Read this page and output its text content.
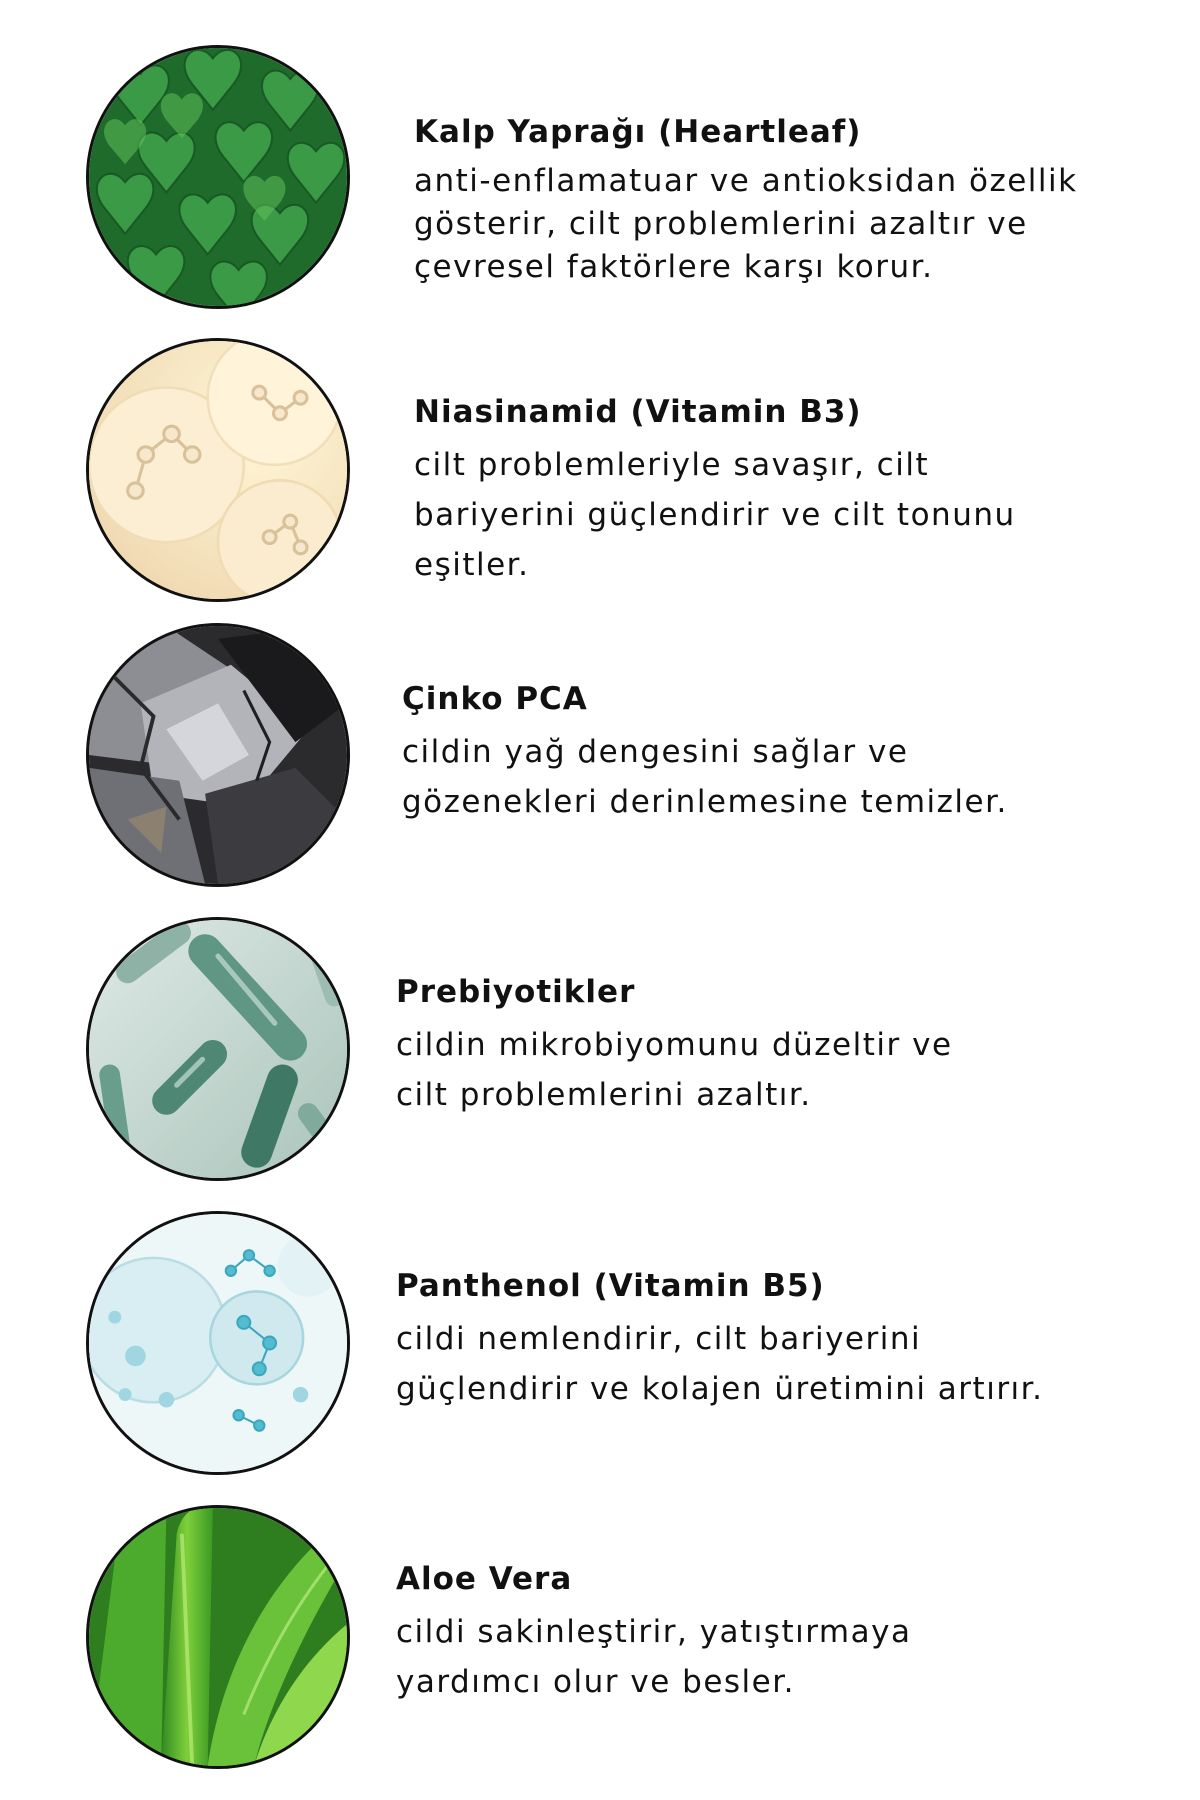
Kalp Yaprağı (Heartleaf)

anti-enflamatuar ve antioksidan özellik
gösterir, cilt problemlerini azaltır ve
çevresel faktörlere karşı korur.

Niasinamid (Vitamin B3)

cilt problemleriyle savaşır, cilt
bariyerini güçlendirir ve cilt tonunu
eşitler.

Çinko PCA

cildin yağ dengesini sağlar ve
gözenekleri derinlemesine temizler.

Prebiyotikler

cildin mikrobiyomunu düzeltir ve
cilt problemlerini azaltır.

Panthenol (Vitamin B5)

cildi nemlendirir, cilt bariyerini
güçlendirir ve kolajen üretimini artırır.

Aloe Vera

cildi sakinleştirir, yatıştırmaya
yardımcı olur ve besler.
